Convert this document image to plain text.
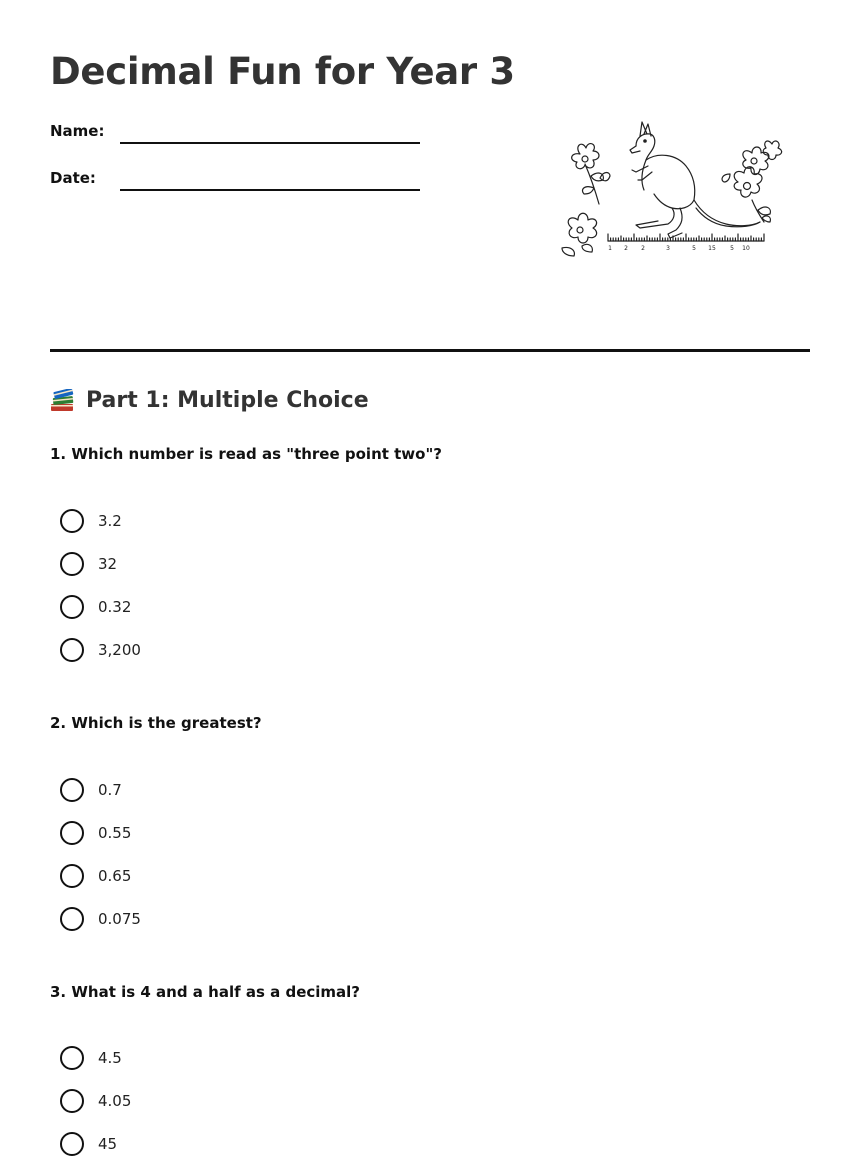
Decimal Fun for Year 3
Name:
Date:
1 2 2	3	5 15 5 10
Part 1: Multiple Choice

1. Which number is read as "three point two"?

3.2
32
0.32
3,200

2. Which is the greatest?

0.7
0.55
0.65
0.075

3. What is 4 and a half as a decimal?

4.5
4.05
45
